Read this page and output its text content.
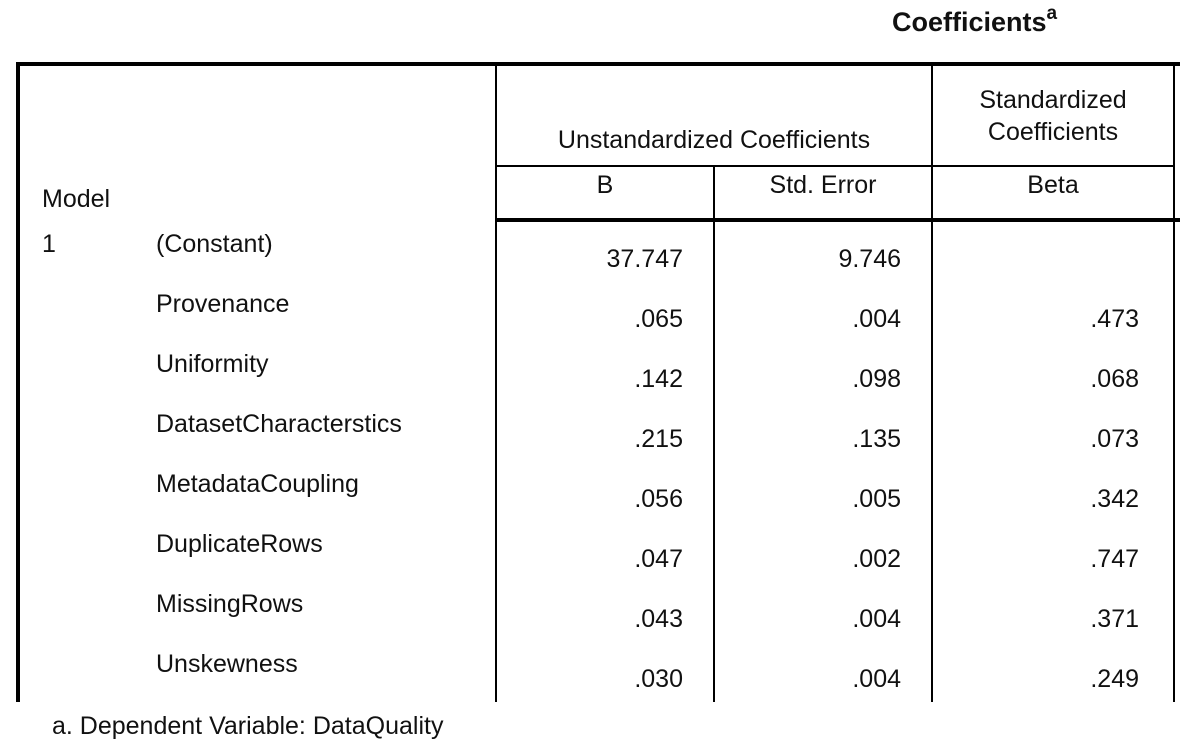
Coefficients$^a$
Model		Unstandardized Coefficients		Standardized
Coefficients	
		B	Std. Error	Beta	
1	(Constant)	37.747	9.746		
	Provenance	.065	.004	.473	
	Uniformity	.142	.098	.068	
	DatasetCharacterstics	.215	.135	.073	
	MetadataCoupling	.056	.005	.342	
	DuplicateRows	.047	.002	.747	
	MissingRows	.043	.004	.371	
	Unskewness	.030	.004	.249	

a. Dependent Variable: DataQuality
